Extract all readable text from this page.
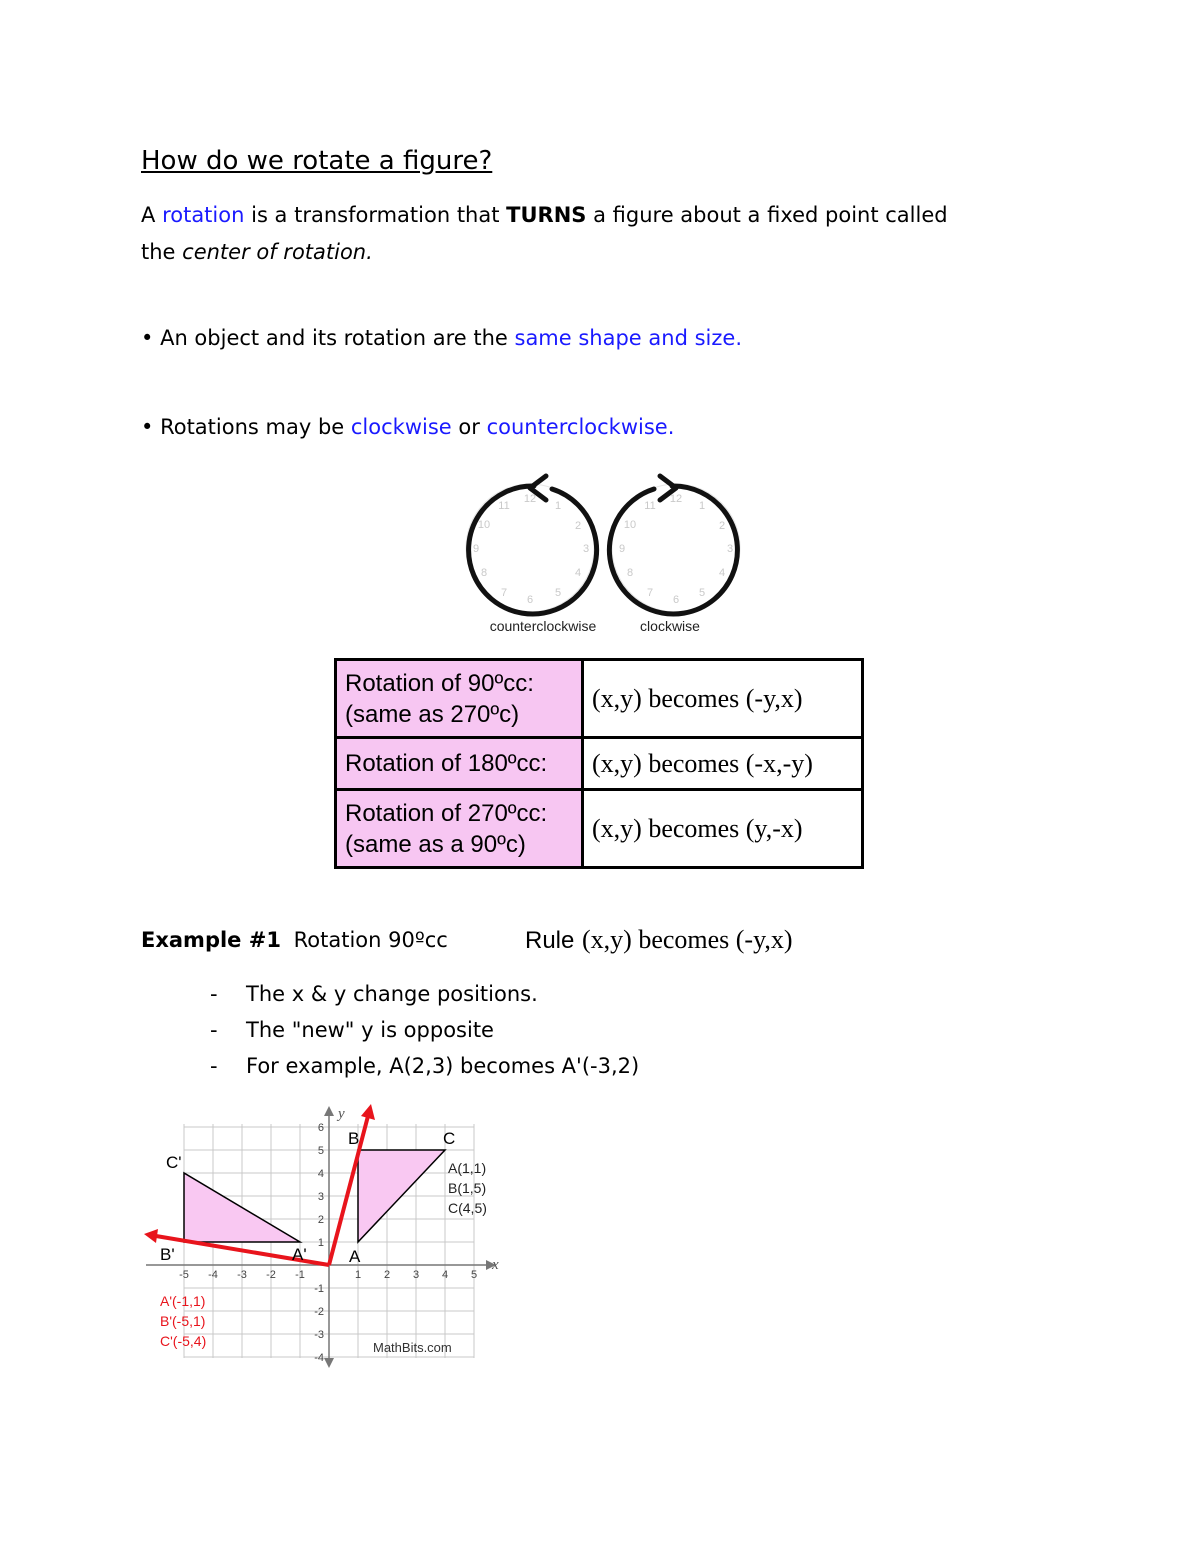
How do we rotate a figure?
A rotation is a transformation that TURNS a figure about a fixed point called
the center of rotation.
• An object and its rotation are the same shape and size.
• Rotations may be clockwise or counterclockwise.
12
1
2
3
4
5
6
7
8
9
10
11
12
1
2
3
4
5
6
7
8
9
10
11
counterclockwise	clockwise
Rotation of 90ºcc:
(same as 270ºc)	(x,y) becomes (-y,x)

Rotation of 180ºcc:	(x,y) becomes (-x,-y)

Rotation of 270ºcc:
(same as a 90ºc)	(x,y) becomes (y,-x)
Example #1 Rotation 90ºcc	Rule (x,y) becomes (-y,x)
- The x & y change positions.
- The "new" y is opposite
- For example, A(2,3) becomes A'(-3,2)
x
y
-5 -4 -3 -2 -1	1 2 3 4 5
6
5
4
3
2
1
-1
-2
-3
-4
B	C
A
C'
B'	A'
A(1,1)
B(1,5)
C(4,5)
A'(-1,1)
B'(-5,1)
C'(-5,4)	MathBits.com
